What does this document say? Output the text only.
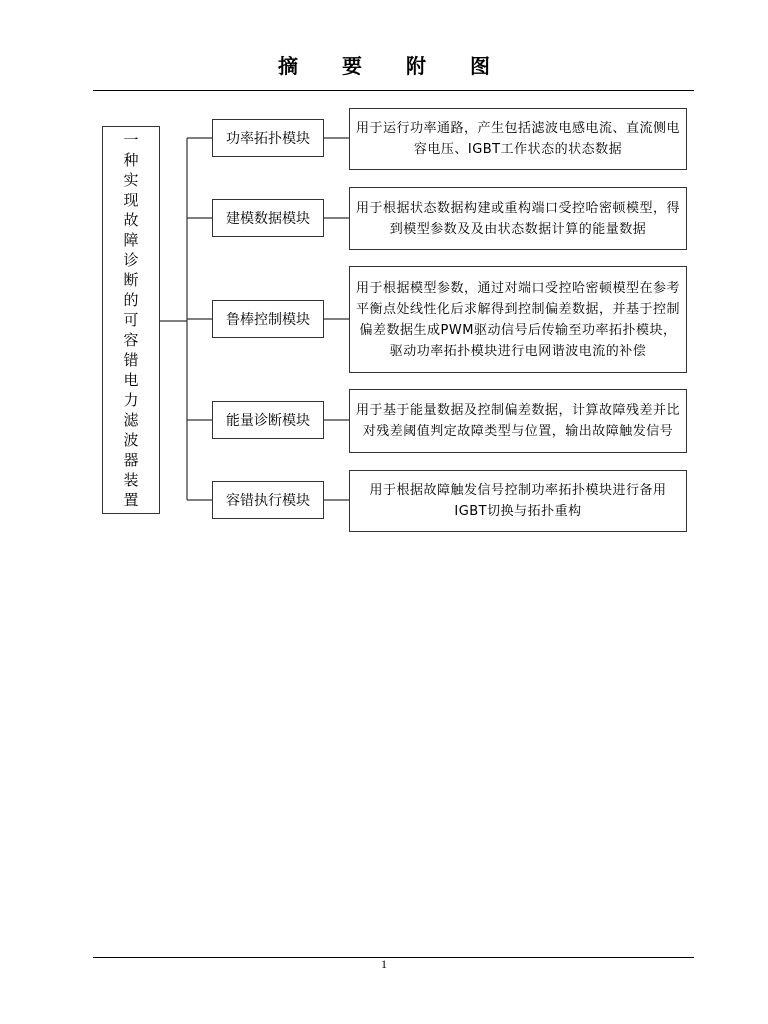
摘 要 附 图
一
种
实
现
故
障
诊
断
的
可
容
错
电
力
滤
波
器
装
置
功率拓扑模块
用于运行功率通路，产生包括滤波电感电流、直流侧电容电压、IGBT工作状态的状态数据
建模数据模块
用于根据状态数据构建或重构端口受控哈密顿模型，得到模型参数及及由状态数据计算的能量数据
鲁棒控制模块
用于根据模型参数，通过对端口受控哈密顿模型在参考平衡点处线性化后求解得到控制偏差数据，并基于控制偏差数据生成PWM驱动信号后传输至功率拓扑模块，驱动功率拓扑模块进行电网谐波电流的补偿
能量诊断模块
用于基于能量数据及控制偏差数据，计算故障残差并比对残差阈值判定故障类型与位置，输出故障触发信号
容错执行模块
用于根据故障触发信号控制功率拓扑模块进行备用IGBT切换与拓扑重构
1
